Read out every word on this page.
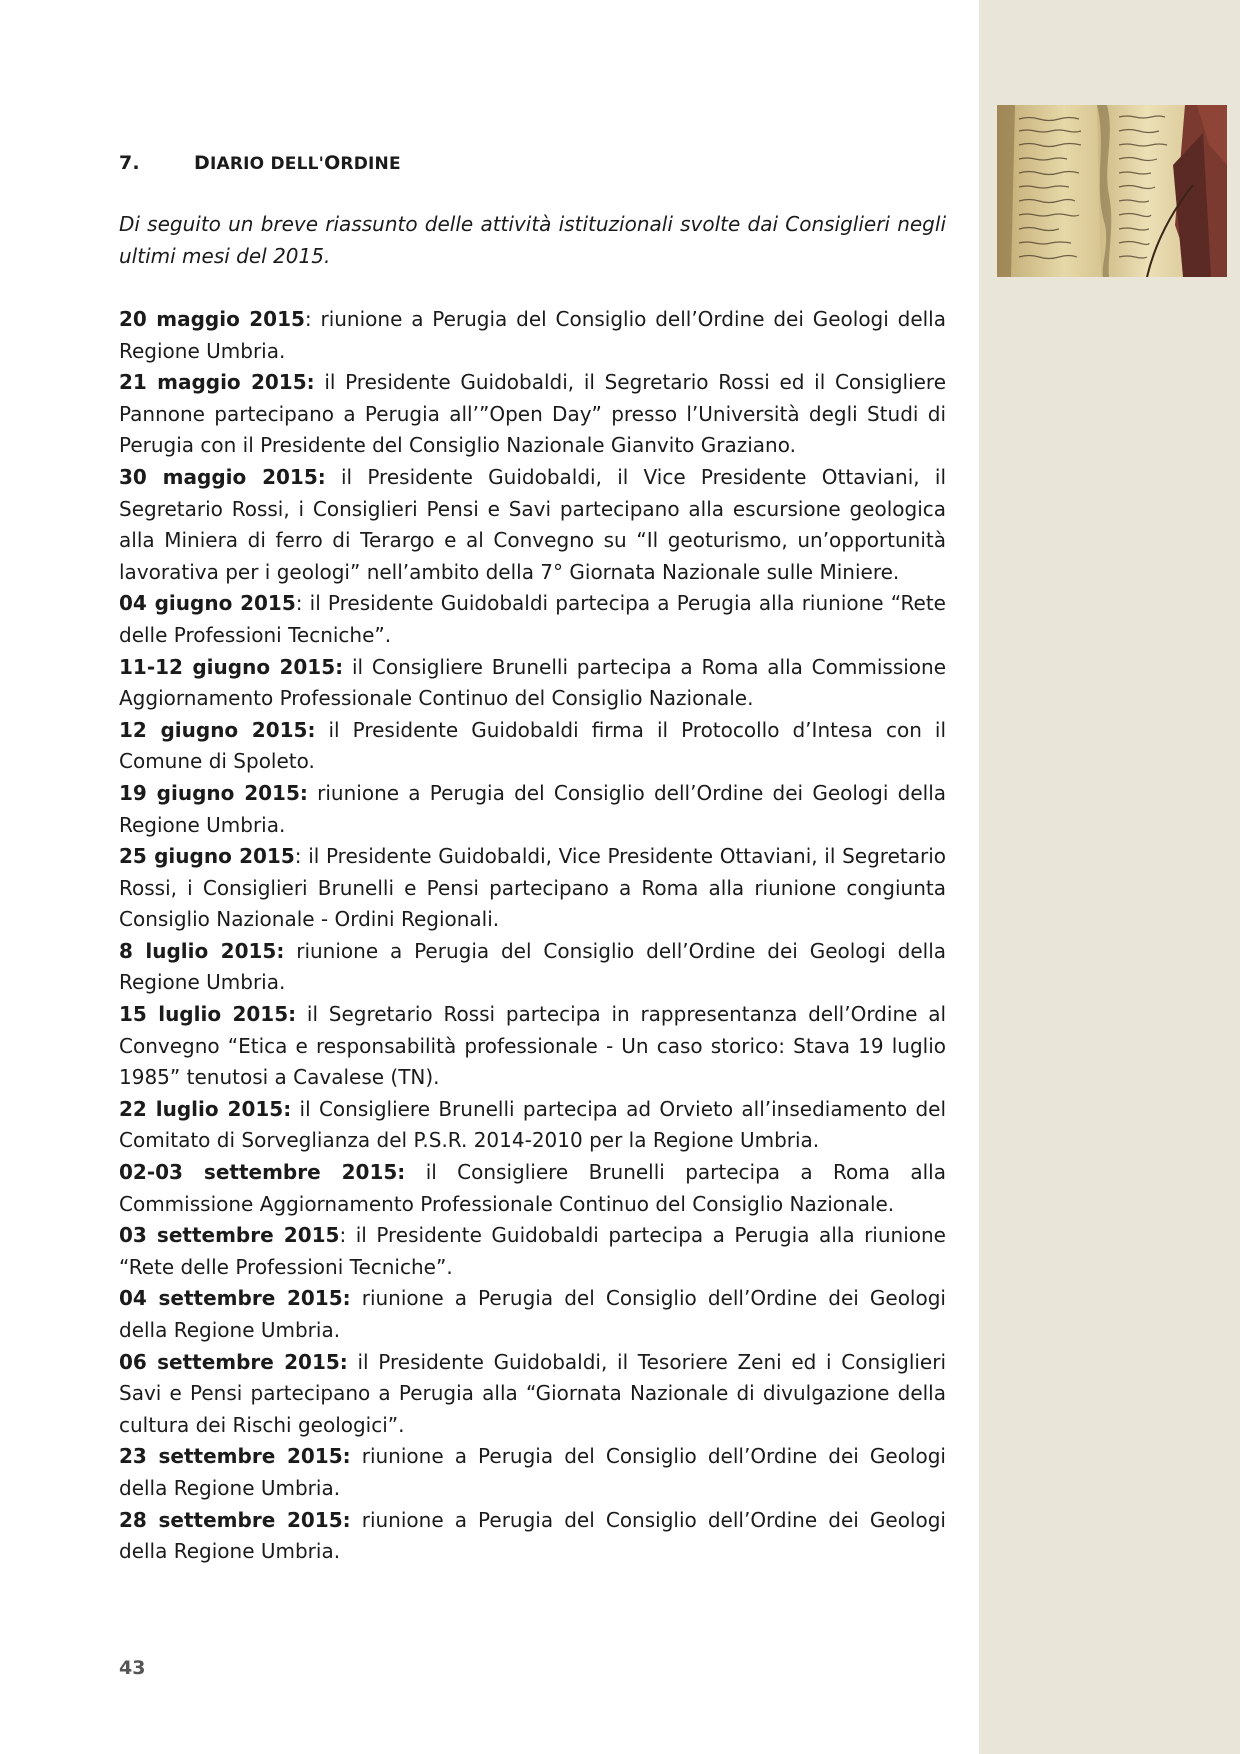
7.	DIARIO DELL'ORDINE

Di seguito un breve riassunto delle attività istituzionali svolte dai Consiglieri negli ultimi mesi del 2015.

20 maggio 2015: riunione a Perugia del Consiglio dell’Ordine dei Geologi della Regione Umbria.

21 maggio 2015: il Presidente Guidobaldi, il Segretario Rossi ed il Consigliere Pannone partecipano a Perugia all’”Open Day” presso l’Università degli Studi di Perugia con il Presidente del Consiglio Nazionale Gianvito Graziano.

30 maggio 2015: il Presidente Guidobaldi, il Vice Presidente Ottaviani, il Segretario Rossi, i Consiglieri Pensi e Savi partecipano alla escursione geologica alla Miniera di ferro di Terargo e al Convegno su “Il geoturismo, un’opportunità lavorativa per i geologi” nell’ambito della 7° Giornata Nazionale sulle Miniere.

04 giugno 2015: il Presidente Guidobaldi partecipa a Perugia alla riunione “Rete delle Professioni Tecniche”.

11-12 giugno 2015: il Consigliere Brunelli partecipa a Roma alla Commissione Aggiornamento Professionale Continuo del Consiglio Nazionale.

12 giugno 2015: il Presidente Guidobaldi firma il Protocollo d’Intesa con il Comune di Spoleto.

19 giugno 2015: riunione a Perugia del Consiglio dell’Ordine dei Geologi della Regione Umbria.

25 giugno 2015: il Presidente Guidobaldi, Vice Presidente Ottaviani, il Segretario Rossi, i Consiglieri Brunelli e Pensi partecipano a Roma alla riunione congiunta Consiglio Nazionale - Ordini Regionali.

8 luglio 2015: riunione a Perugia del Consiglio dell’Ordine dei Geologi della Regione Umbria.

15 luglio 2015: il Segretario Rossi partecipa in rappresentanza dell’Ordine al Convegno “Etica e responsabilità professionale - Un caso storico: Stava 19 luglio 1985” tenutosi a Cavalese (TN).

22 luglio 2015: il Consigliere Brunelli partecipa ad Orvieto all’insediamento del Comitato di Sorveglianza del P.S.R. 2014-2010 per la Regione Umbria.

02-03 settembre 2015: il Consigliere Brunelli partecipa a Roma alla Commissione Aggiornamento Professionale Continuo del Consiglio Nazionale.

03 settembre 2015: il Presidente Guidobaldi partecipa a Perugia alla riunione “Rete delle Professioni Tecniche”.

04 settembre 2015: riunione a Perugia del Consiglio dell’Ordine dei Geologi della Regione Umbria.

06 settembre 2015: il Presidente Guidobaldi, il Tesoriere Zeni ed i Consiglieri Savi e Pensi partecipano a Perugia alla “Giornata Nazionale di divulgazione della cultura dei Rischi geologici”.

23 settembre 2015: riunione a Perugia del Consiglio dell’Ordine dei Geologi della Regione Umbria.

28 settembre 2015: riunione a Perugia del Consiglio dell’Ordine dei Geologi della Regione Umbria.

43
